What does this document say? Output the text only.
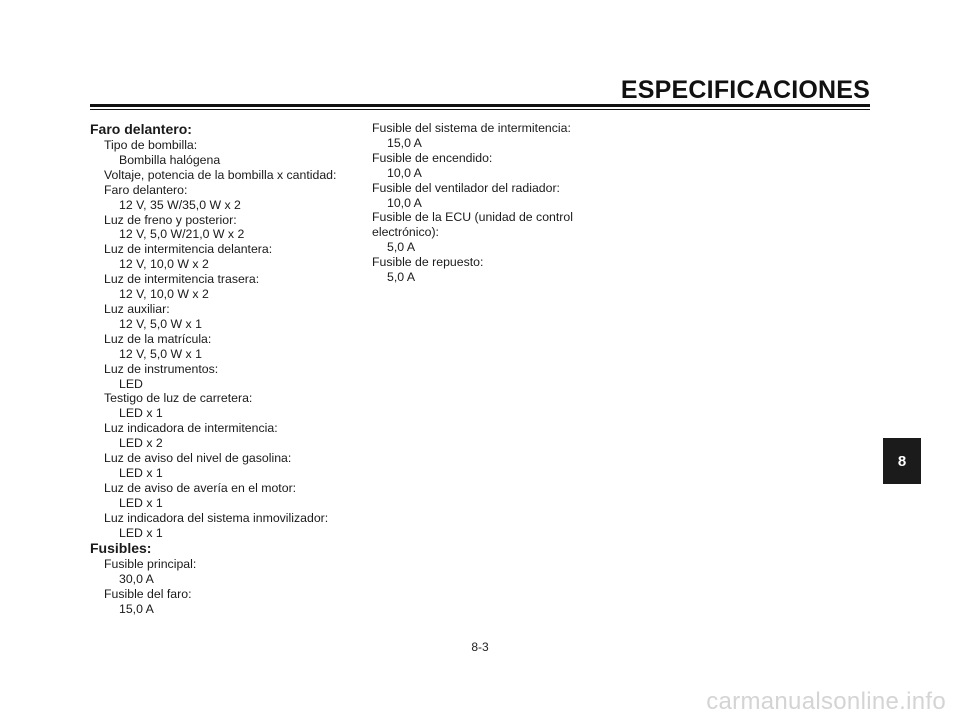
ESPECIFICACIONES
Faro delantero:
Tipo de bombilla:
Bombilla halógena
Voltaje, potencia de la bombilla x cantidad:
Faro delantero:
12 V, 35 W/35,0 W x 2
Luz de freno y posterior:
12 V, 5,0 W/21,0 W x 2
Luz de intermitencia delantera:
12 V, 10,0 W x 2
Luz de intermitencia trasera:
12 V, 10,0 W x 2
Luz auxiliar:
12 V, 5,0 W x 1
Luz de la matrícula:
12 V, 5,0 W x 1
Luz de instrumentos:
LED
Testigo de luz de carretera:
LED x 1
Luz indicadora de intermitencia:
LED x 2
Luz de aviso del nivel de gasolina:
LED x 1
Luz de aviso de avería en el motor:
LED x 1
Luz indicadora del sistema inmovilizador:
LED x 1
Fusibles:
Fusible principal:
30,0 A
Fusible del faro:
15,0 A
Fusible del sistema de intermitencia:
15,0 A
Fusible de encendido:
10,0 A
Fusible del ventilador del radiador:
10,0 A
Fusible de la ECU (unidad de control
electrónico):
5,0 A
Fusible de repuesto:
5,0 A
8
8-3
carmanualsonline.info
